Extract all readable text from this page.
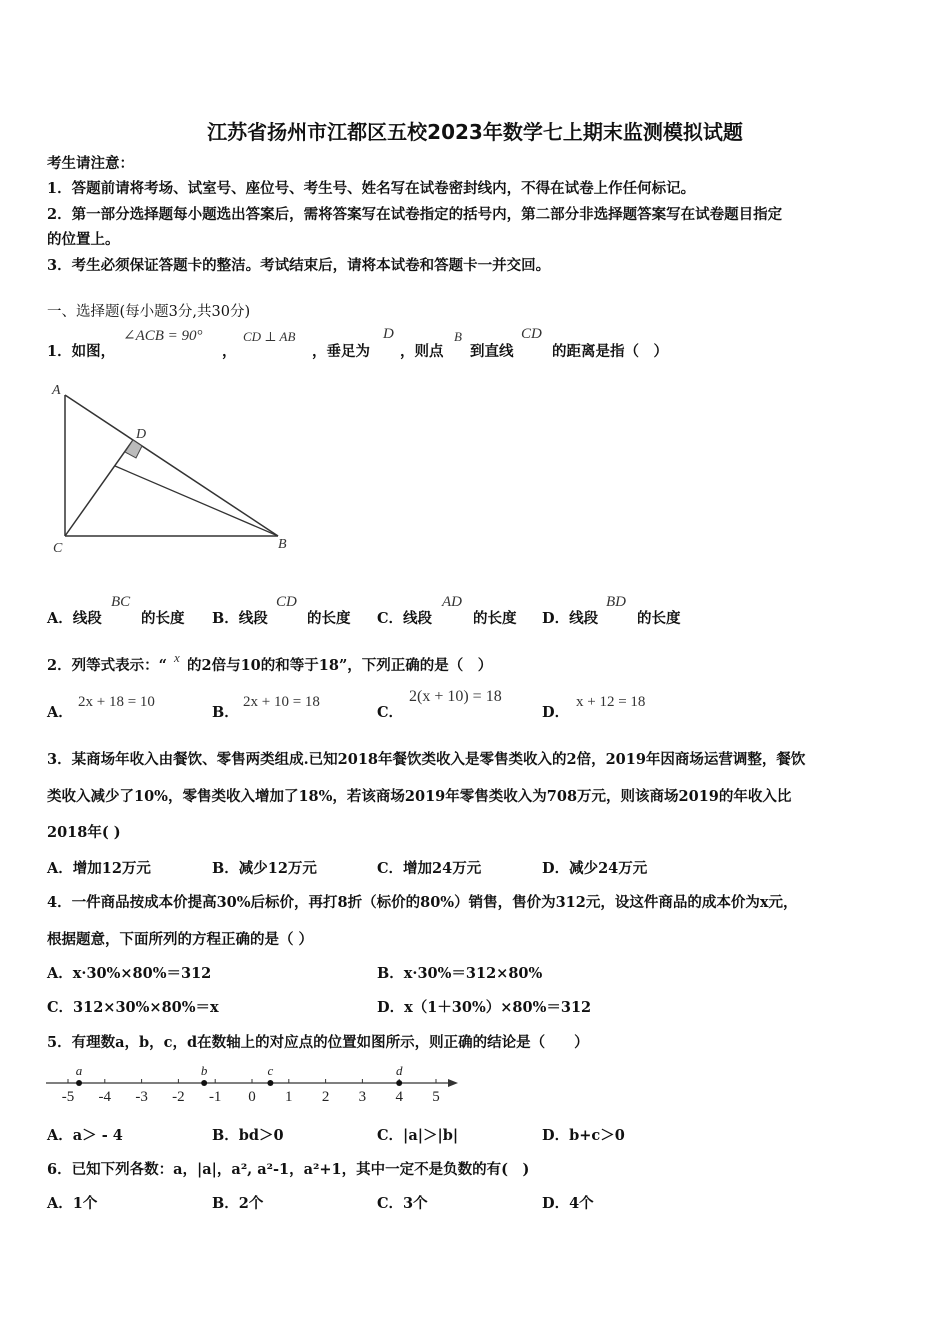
江苏省扬州市江都区五校2023年数学七上期末监测模拟试题
考生请注意：
1．答题前请将考场、试室号、座位号、考生号、姓名写在试卷密封线内，不得在试卷上作任何标记。
2．第一部分选择题每小题选出答案后，需将答案写在试卷指定的括号内，第二部分非选择题答案写在试卷题目指定
的位置上。
3．考生必须保证答题卡的整洁。考试结束后，请将本试卷和答题卡一并交回。
一、选择题(每小题3分,共30分)
1．如图，
∠ACB = 90°
，
CD ⊥ AB
，垂足为
D
，则点
B
到直线
CD
的距离是指（　）
A
D
C	B
A．线段
BC
的长度 B．线段
CD
的长度 C．线段
AD
的长度 D．线段
BD
的长度
2．列等式表示：“ x 的2倍与10的和等于18”，下列正确的是（　）
A．
2x + 18 = 10
B．
2x + 10 = 18
C．
2(x + 10) = 18
D．
x + 12 = 18
3．某商场年收入由餐饮、零售两类组成.已知2018年餐饮类收入是零售类收入的2倍，2019年因商场运营调整，餐饮
类收入减少了10%，零售类收入增加了18%，若该商场2019年零售类收入为708万元，则该商场2019的年收入比
2018年( )
A．增加12万元	B．减少12万元	C．增加24万元	D．减少24万元
4．一件商品按成本价提高30%后标价，再打8折（标价的80%）销售，售价为312元，设这件商品的成本价为x元，
根据题意，下面所列的方程正确的是（ ）
A．x·30%×80%＝312	B．x·30%＝312×80%
C．312×30%×80%＝x	D．x（1＋30%）×80%＝312
5．有理数a，b，c，d在数轴上的对应点的位置如图所示，则正确的结论是（　　）
-5 -4 -3 -2 -1 0 1 2 3 4 5
a	b	c	d
A．a＞ - 4	B．bd＞0	C．|a|＞|b|	D．b+c＞0
6．已知下列各数：a，|a|，a², a²-1，a²+1，其中一定不是负数的有(　)
A．1个	B．2个	C．3个	D．4个
